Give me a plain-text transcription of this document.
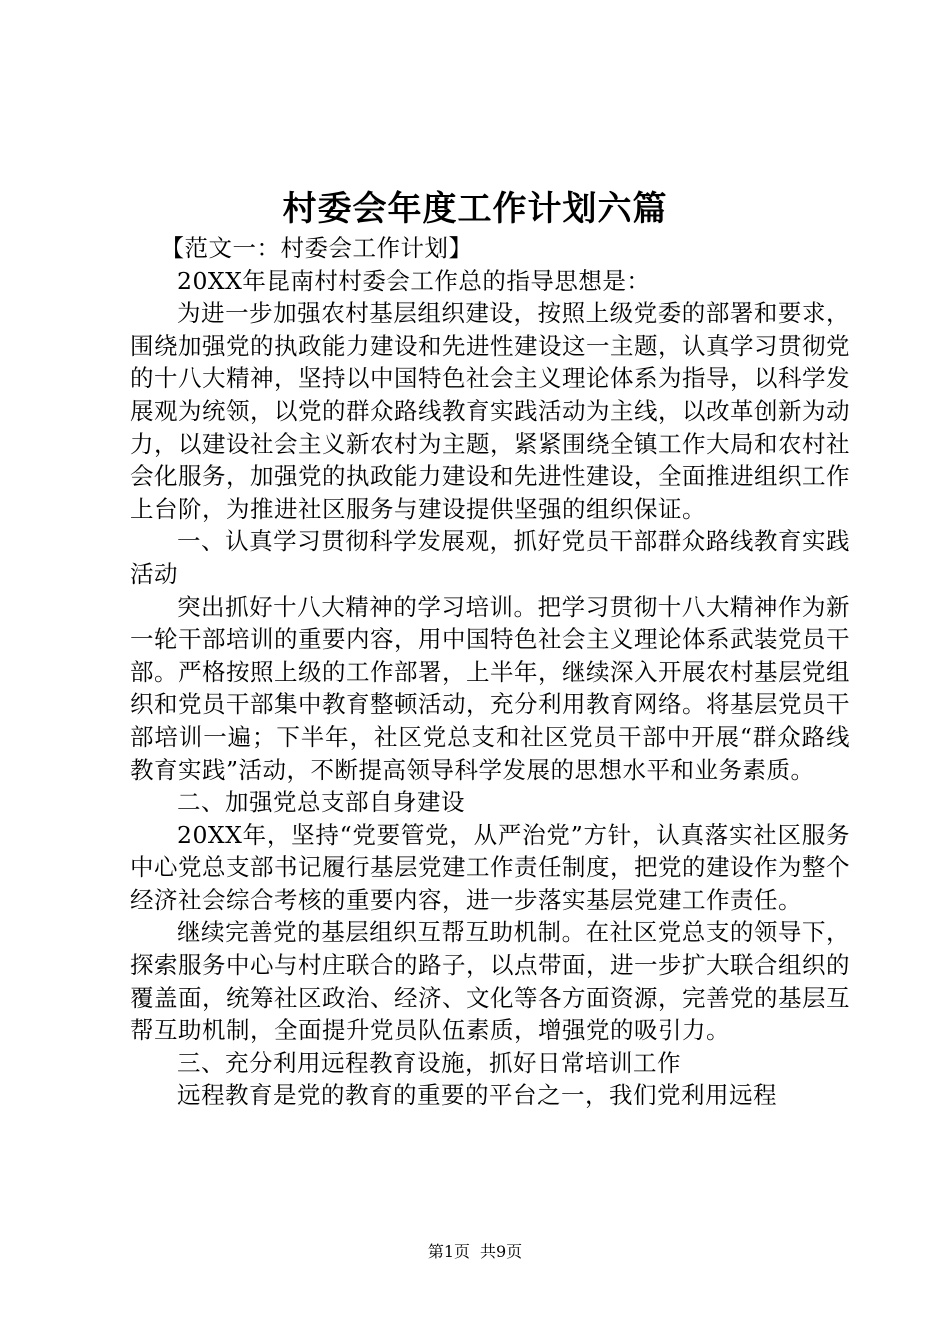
村委会年度工作计划六篇

【范文一：村委会工作计划】

20XX年昆南村村委会工作总的指导思想是：

为进一步加强农村基层组织建设，按照上级党委的部署和要求，围绕加强党的执政能力建设和先进性建设这一主题，认真学习贯彻党的十八大精神，坚持以中国特色社会主义理论体系为指导，以科学发展观为统领，以党的群众路线教育实践活动为主线，以改革创新为动力，以建设社会主义新农村为主题，紧紧围绕全镇工作大局和农村社会化服务，加强党的执政能力建设和先进性建设，全面推进组织工作上台阶，为推进社区服务与建设提供坚强的组织保证。

一、认真学习贯彻科学发展观，抓好党员干部群众路线教育实践活动

突出抓好十八大精神的学习培训。把学习贯彻十八大精神作为新一轮干部培训的重要内容，用中国特色社会主义理论体系武装党员干部。严格按照上级的工作部署，上半年，继续深入开展农村基层党组织和党员干部集中教育整顿活动，充分利用教育网络。将基层党员干部培训一遍；下半年，社区党总支和社区党员干部中开展“群众路线教育实践”活动，不断提高领导科学发展的思想水平和业务素质。

二、加强党总支部自身建设

20XX年，坚持“党要管党，从严治党”方针，认真落实社区服务中心党总支部书记履行基层党建工作责任制度，把党的建设作为整个经济社会综合考核的重要内容，进一步落实基层党建工作责任。

继续完善党的基层组织互帮互助机制。在社区党总支的领导下，探索服务中心与村庄联合的路子，以点带面，进一步扩大联合组织的覆盖面，统筹社区政治、经济、文化等各方面资源，完善党的基层互帮互助机制，全面提升党员队伍素质，增强党的吸引力。

三、充分利用远程教育设施，抓好日常培训工作

远程教育是党的教育的重要的平台之一，我们党利用远程

第1页 共9页
